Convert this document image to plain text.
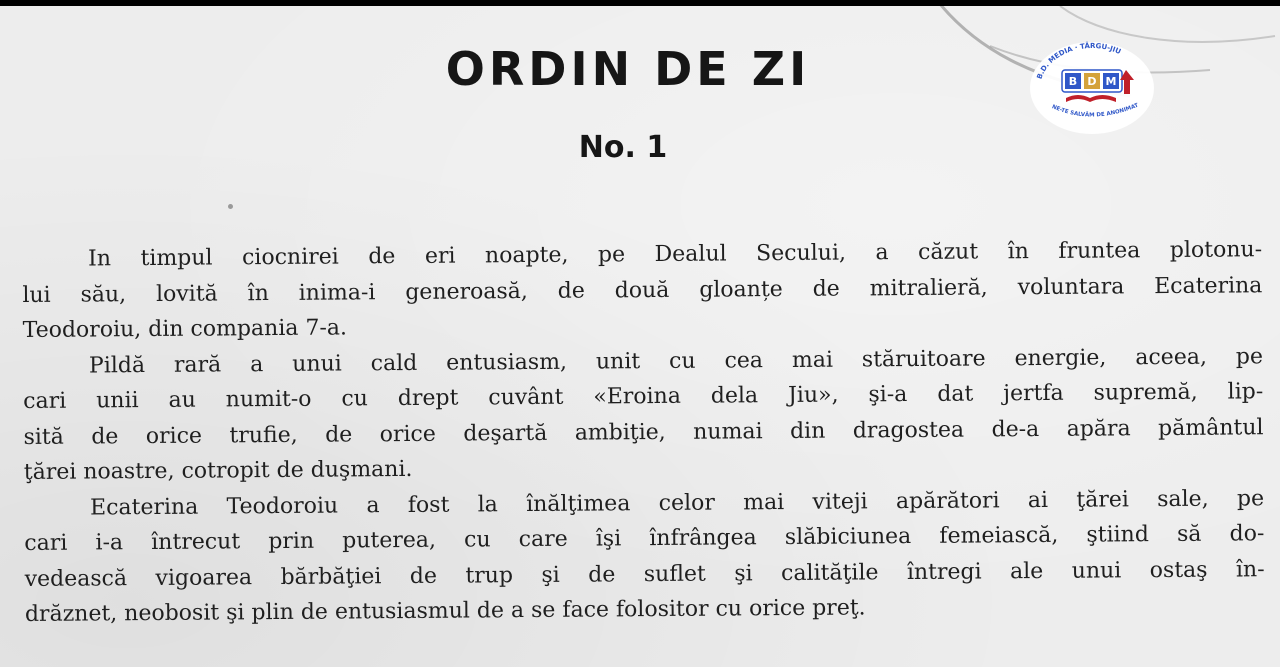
ORDIN DE ZI
No. 1
B.D. MEDIA · TÂRGU-JIU
B D M
NE-TE SALVĂM DE ANONIMAT
In timpul ciocnirei de eri noapte, pe Dealul Secului, a căzut în fruntea plotonu-
lui său, lovită în inima-i generoasă, de două gloanțe de mitralieră, voluntara Ecaterina
Teodoroiu, din compania 7-a.
Pildă rară a unui cald entusiasm, unit cu cea mai stăruitoare energie, aceea, pe
cari unii au numit-o cu drept cuvânt «Eroina dela Jiu», şi-a dat jertfa supremă, lip-
sită de orice trufie, de orice deşartă ambiţie, numai din dragostea de-a apăra pământul
ţărei noastre, cotropit de duşmani.
Ecaterina Teodoroiu a fost la înălţimea celor mai viteji apărători ai ţărei sale, pe
cari i-a întrecut prin puterea, cu care îşi înfrângea slăbiciunea femeiască, ştiind să do-
vedească vigoarea bărbăţiei de trup şi de suflet şi calităţile întregi ale unui ostaş în-
drăznet, neobosit şi plin de entusiasmul de a se face folositor cu orice preţ.
